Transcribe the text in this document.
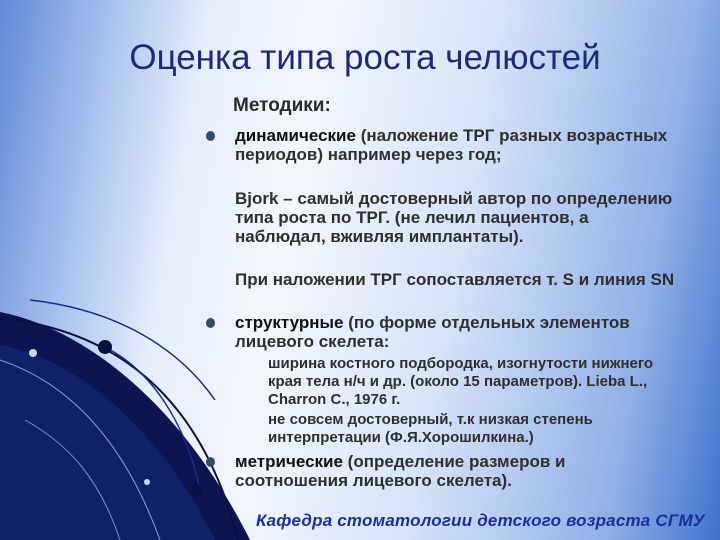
Оценка типа роста челюстей
Методики:
динамические (наложение ТРГ разных возрастных периодов) например через год;
Bjork – самый достоверный автор по определению типа роста по ТРГ. (не лечил пациентов, а наблюдал, вживляя имплантаты).
При наложении ТРГ сопоставляется т. S и линия SN
структурные (по форме отдельных элементов лицевого скелета:
ширина костного подбородка, изогнутости нижнего края тела н/ч и др. (около 15 параметров). Lieba L., Charron C., 1976 г.
не совсем достоверный, т.к низкая степень интерпретации (Ф.Я.Хорошилкина.)
метрические (определение размеров и соотношения лицевого скелета).
Кафедра стоматологии детского возраста СГМУ
